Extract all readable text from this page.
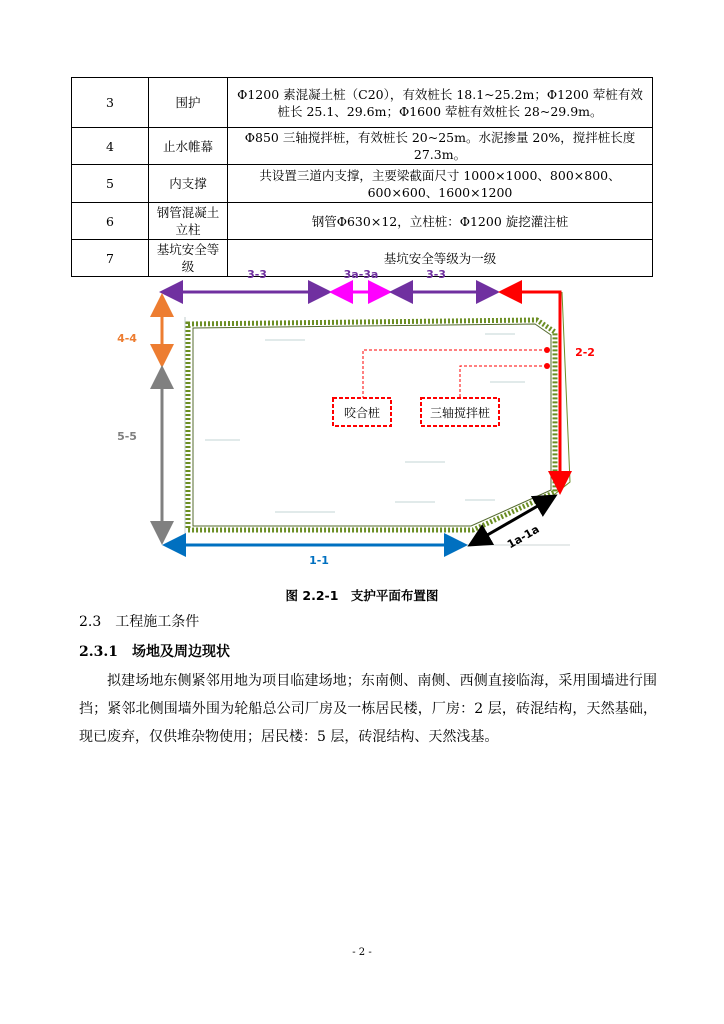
3	围护	Φ1200 素混凝土桩（C20），有效桩长 18.1~25.2m；Φ1200 荤桩有效桩长 25.1、29.6m；Φ1600 荤桩有效桩长 28~29.9m。
4	止水帷幕	Φ850 三轴搅拌桩，有效桩长 20~25m。水泥掺量 20%，搅拌桩长度 27.3m。
5	内支撑	共设置三道内支撑，主要梁截面尺寸 1000×1000、800×800、600×600、1600×1200
6	钢管混凝土立柱	钢管Φ630×12，立柱桩：Φ1200 旋挖灌注桩
7	基坑安全等级	基坑安全等级为一级
咬合桩	三轴搅拌桩
3-3	3a-3a	3-3
4-4
5-5
2-2
1-1
1a-1a
图 2.2-1　支护平面布置图
2.3　工程施工条件
2.3.1　场地及周边现状
拟建场地东侧紧邻用地为项目临建场地；东南侧、南侧、西侧直接临海，采用围墙进行围挡；紧邻北侧围墙外围为轮船总公司厂房及一栋居民楼，厂房：2 层，砖混结构，天然基础，现已废弃，仅供堆杂物使用；居民楼：5 层，砖混结构、天然浅基。
- 2 -
